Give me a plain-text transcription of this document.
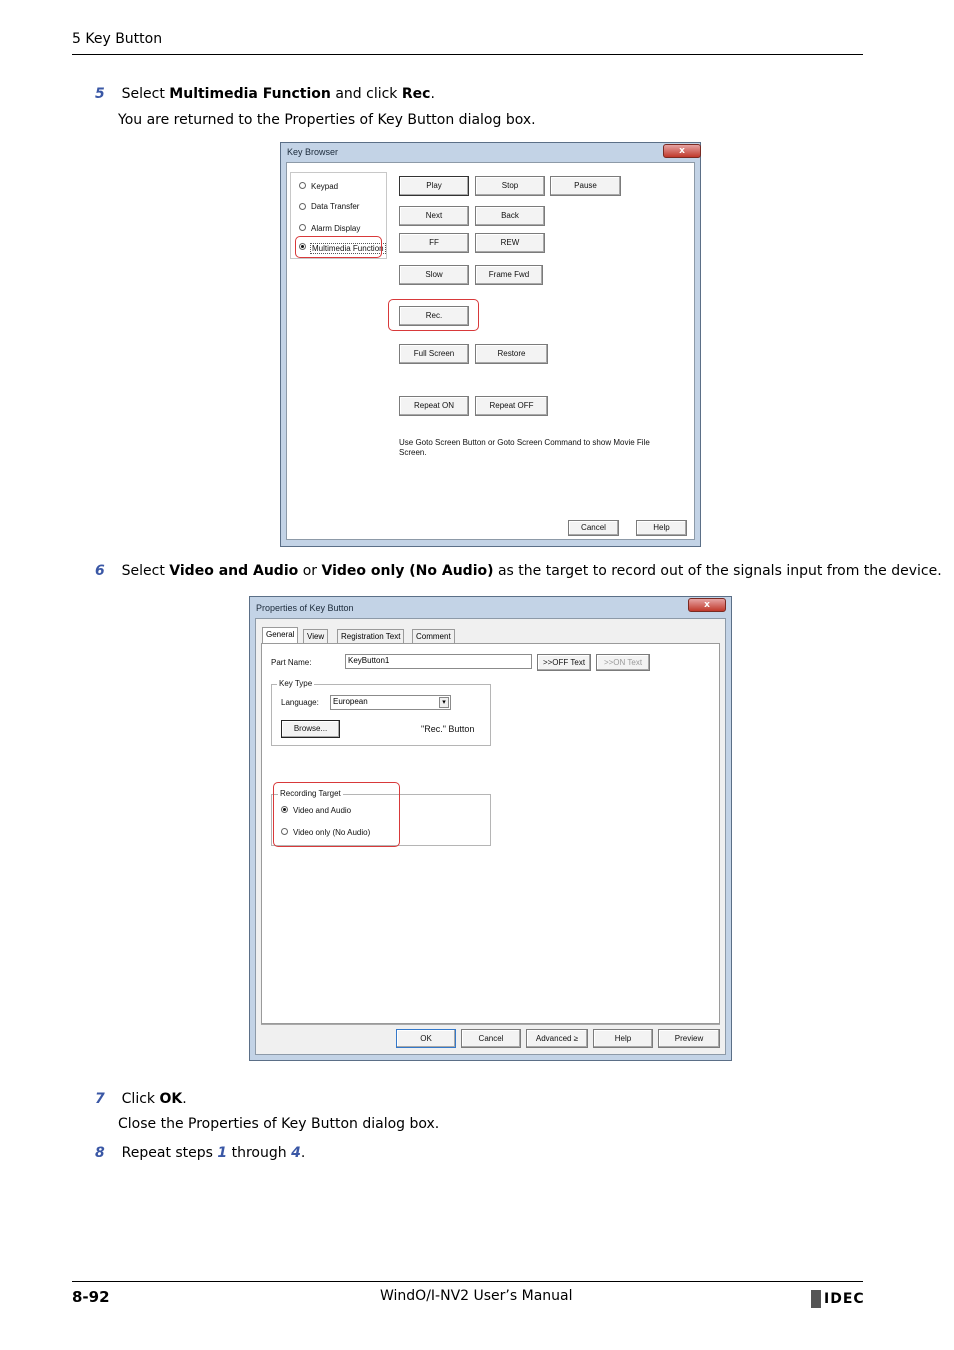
5 Key Button
5 Select Multimedia Function and click Rec.
You are returned to the Properties of Key Button dialog box.
Key Browser	x
Keypad
Data Transfer
Alarm Display
Multimedia Function
Play	Stop	Pause
Next	Back
FF	REW
Slow	Frame Fwd
Rec.
Full Screen	Restore
Repeat ON	Repeat OFF
Use Goto Screen Button or Goto Screen Command to show Movie File
Screen.
Cancel	Help
6 Select Video and Audio or Video only (No Audio) as the target to record out of the signals input from the device.
Properties of Key Button	x
General	View	Registration Text	Comment
Part Name:	KeyButton1	>>OFF Text	>>ON Text
Key Type
Language:	European	▾
Browse...	"Rec." Button
Recording Target
Video and Audio
Video only (No Audio)
OK	Cancel	Advanced ≥	Help	Preview
7 Click OK.
Close the Properties of Key Button dialog box.
8 Repeat steps 1 through 4.
8-92	WindO/I-NV2 User’s Manual	IDEC
